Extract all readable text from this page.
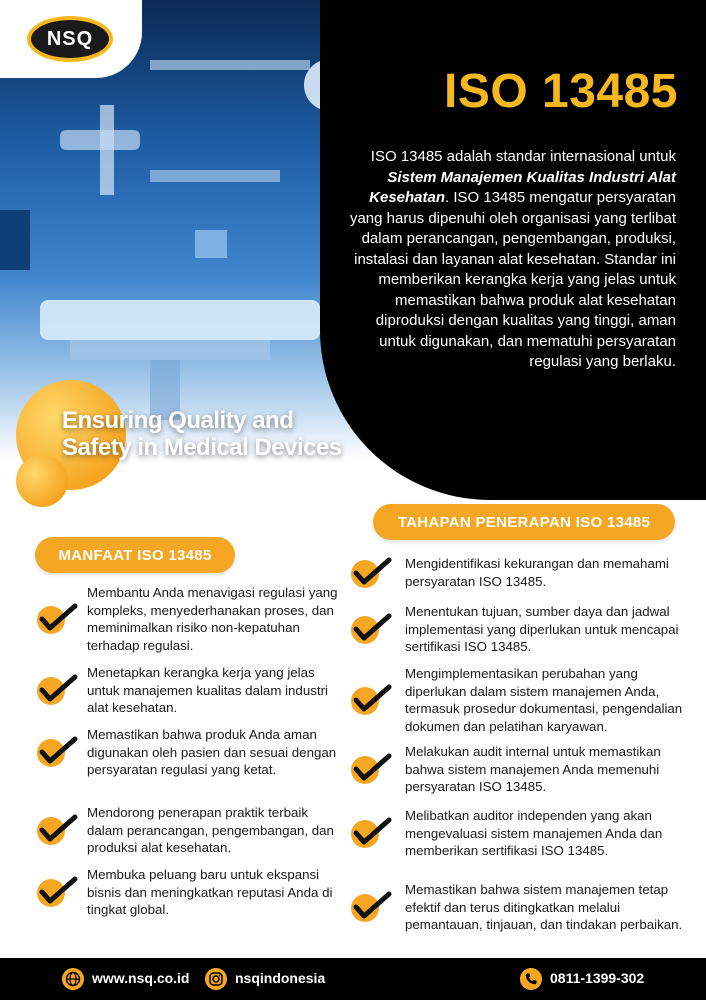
NSQ
ISO 13485

ISO 13485 adalah standar internasional untuk Sistem Manajemen Kualitas Industri Alat Kesehatan. ISO 13485 mengatur persyaratan yang harus dipenuhi oleh organisasi yang terlibat dalam perancangan, pengembangan, produksi, instalasi dan layanan alat kesehatan. Standar ini memberikan kerangka kerja yang jelas untuk memastikan bahwa produk alat kesehatan diproduksi dengan kualitas yang tinggi, aman untuk digunakan, dan mematuhi persyaratan regulasi yang berlaku.

Ensuring Quality and
Safety in Medical Devices
TAHAPAN PENERAPAN ISO 13485
MANFAAT ISO 13485
Membantu Anda menavigasi regulasi yang kompleks, menyederhanakan proses, dan meminimalkan risiko non-kepatuhan terhadap regulasi.
Menetapkan kerangka kerja yang jelas untuk manajemen kualitas dalam industri alat kesehatan.
Memastikan bahwa produk Anda aman digunakan oleh pasien dan sesuai dengan persyaratan regulasi yang ketat.
Mendorong penerapan praktik terbaik dalam perancangan, pengembangan, dan produksi alat kesehatan.
Membuka peluang baru untuk ekspansi bisnis dan meningkatkan reputasi Anda di tingkat global.
Mengidentifikasi kekurangan dan memahami persyaratan ISO 13485.
Menentukan tujuan, sumber daya dan jadwal implementasi yang diperlukan untuk mencapai sertifikasi ISO 13485.
Mengimplementasikan perubahan yang diperlukan dalam sistem manajemen Anda, termasuk prosedur dokumentasi, pengendalian dokumen dan pelatihan karyawan.
Melakukan audit internal untuk memastikan bahwa sistem manajemen Anda memenuhi persyaratan ISO 13485.
Melibatkan auditor independen yang akan mengevaluasi sistem manajemen Anda dan memberikan sertifikasi ISO 13485.
Memastikan bahwa sistem manajemen tetap efektif dan terus ditingkatkan melalui pemantauan, tinjauan, dan tindakan perbaikan.
www.nsq.co.id	nsqindonesia	0811-1399-302
